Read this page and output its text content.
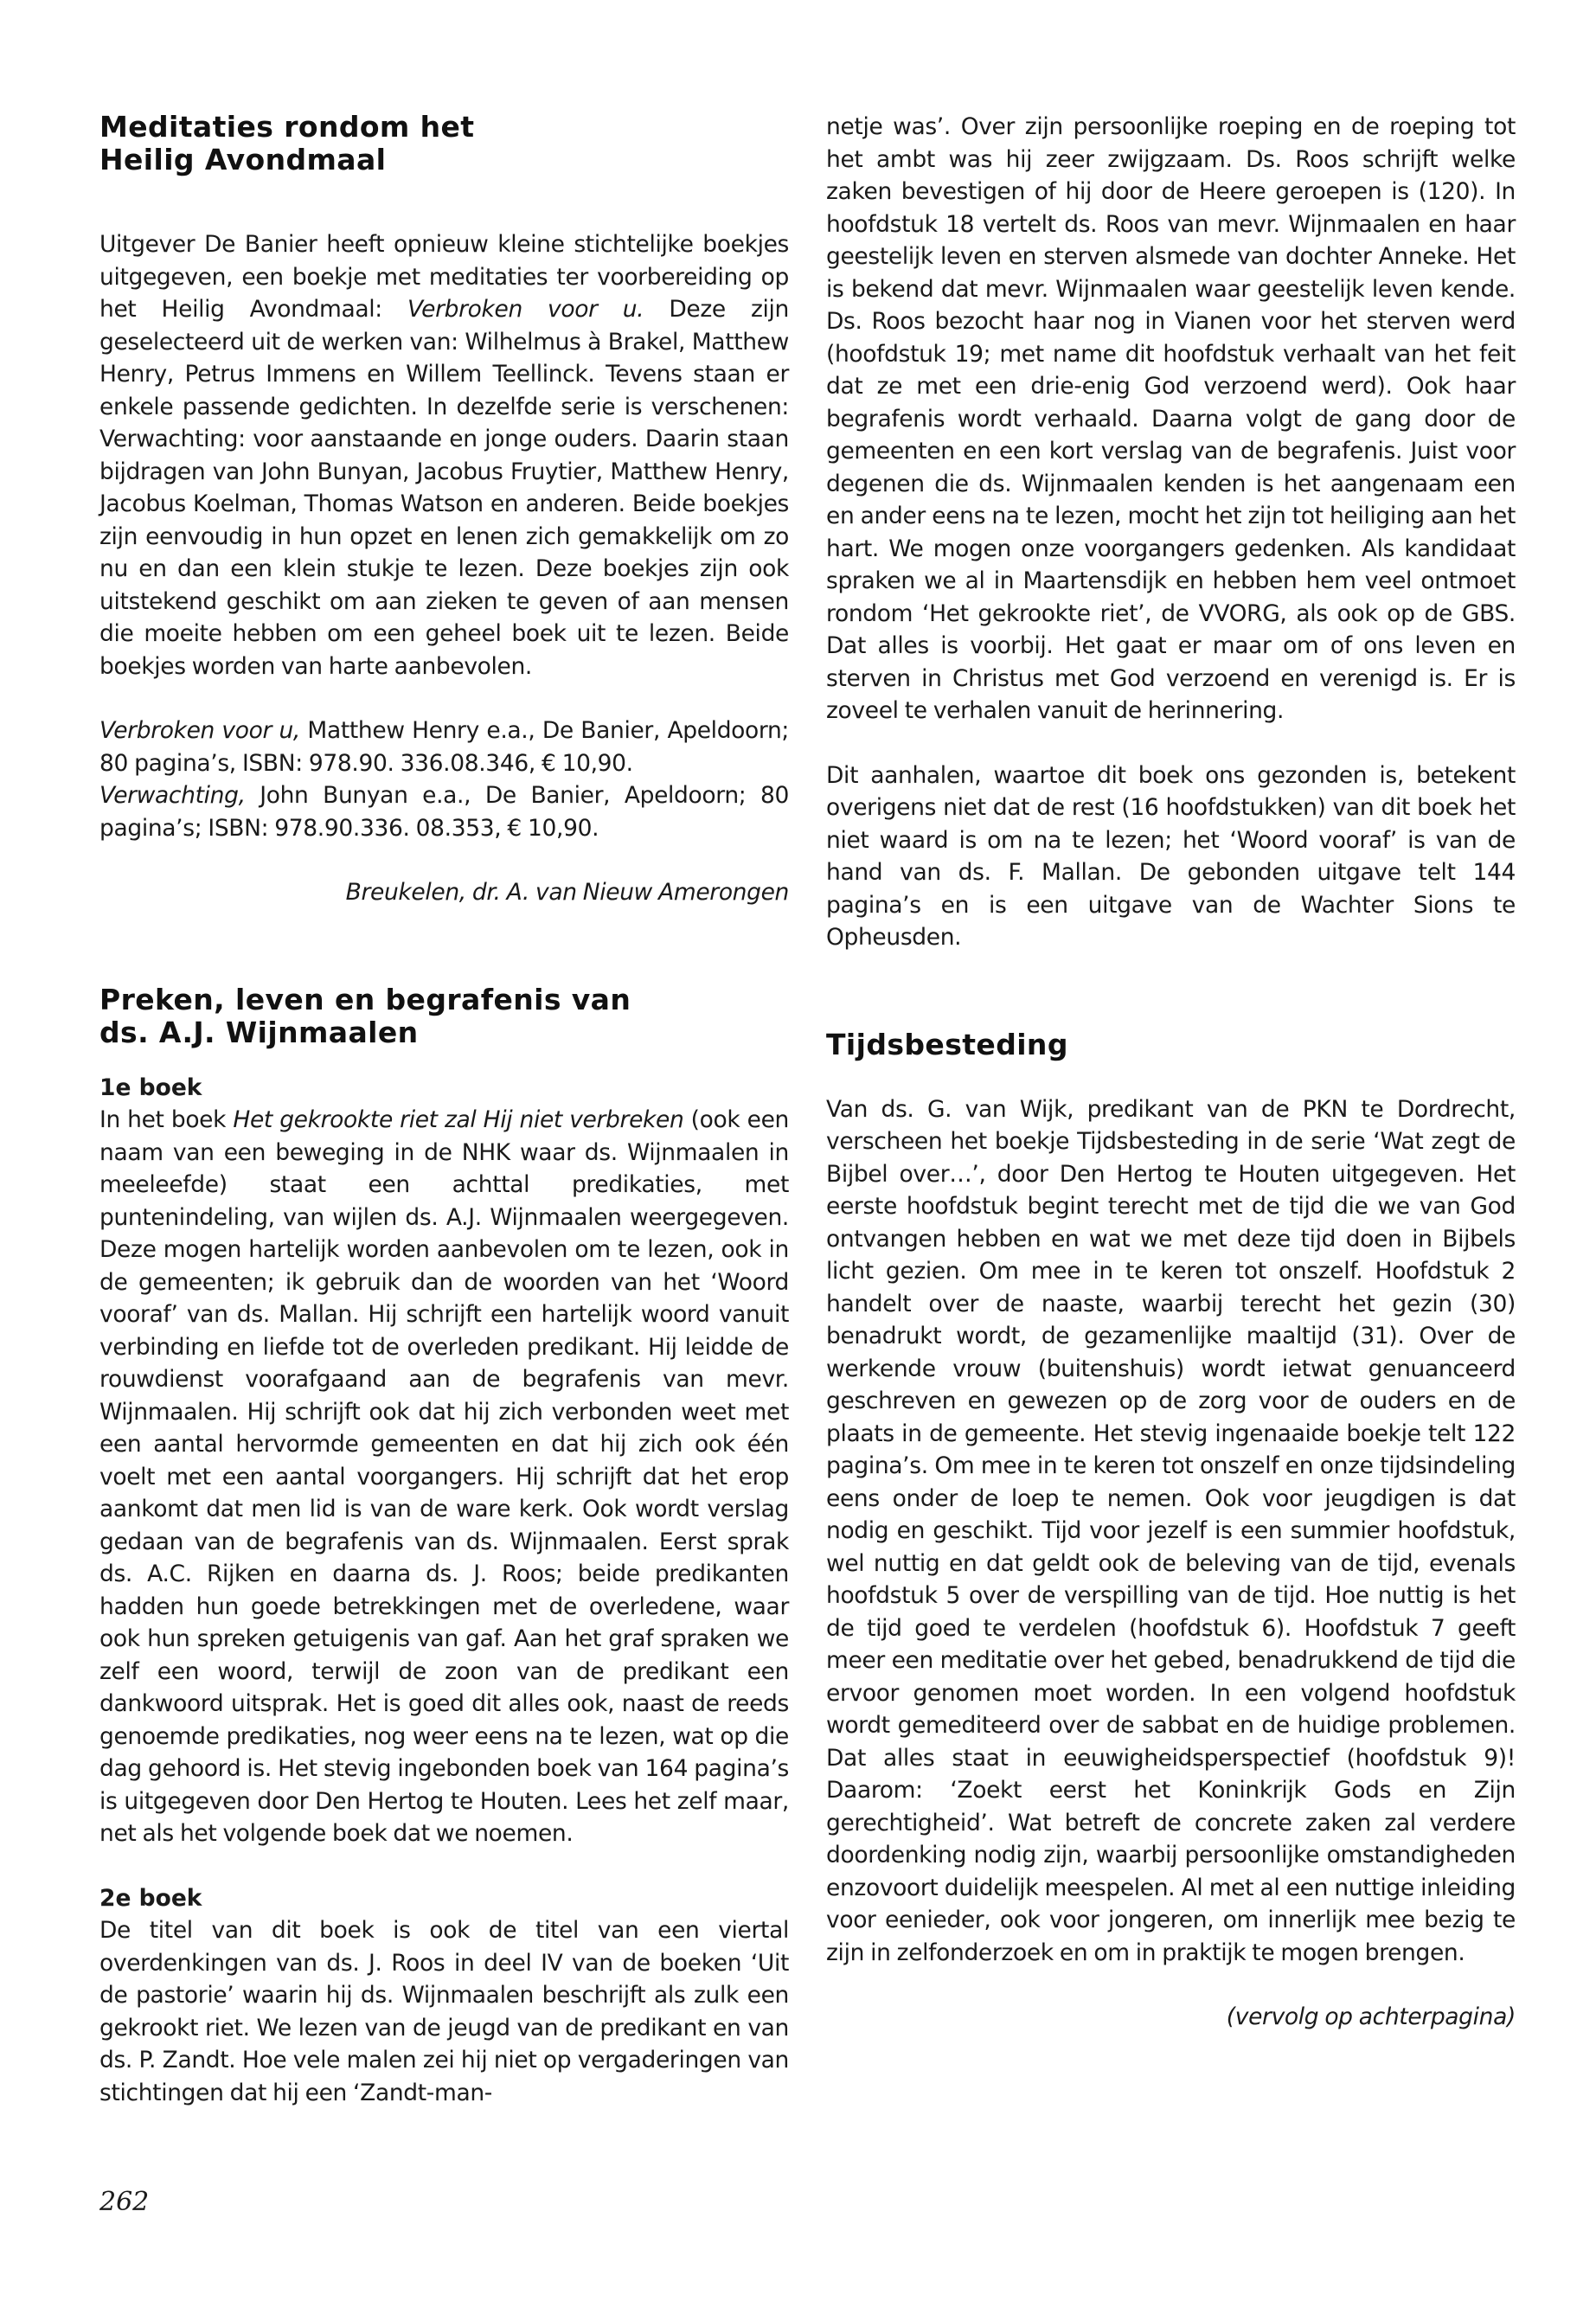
Meditaties rondom het
Heilig Avondmaal

Uitgever De Banier heeft opnieuw kleine stichtelijke boekjes uitgegeven, een boekje met meditaties ter voorbereiding op het Heilig Avondmaal: Verbroken voor u. Deze zijn geselecteerd uit de werken van: Wilhelmus à Brakel, Matthew Henry, Petrus Immens en Willem Teellinck. Tevens staan er enkele passende gedichten. In dezelfde serie is verschenen: Verwachting: voor aanstaande en jonge ouders. Daarin staan bijdragen van John Bunyan, Jacobus Fruytier, Matthew Henry, Jacobus Koelman, Thomas Watson en anderen. Beide boekjes zijn eenvoudig in hun opzet en lenen zich gemakkelijk om zo nu en dan een klein stukje te lezen. Deze boekjes zijn ook uitstekend geschikt om aan zieken te geven of aan mensen die moeite hebben om een geheel boek uit te lezen. Beide boekjes worden van harte aanbevolen.

Verbroken voor u, Matthew Henry e.a., De Banier, Apeldoorn; 80 pagina’s, ISBN: 978.90. 336.08.346, € 10,90.
Verwachting, John Bunyan e.a., De Banier, Apeldoorn; 80 pagina’s; ISBN: 978.90.336. 08.353, € 10,90.

Breukelen, dr. A. van Nieuw Amerongen

Preken, leven en begrafenis van
ds. A.J. Wijnmaalen
1e boek

In het boek Het gekrookte riet zal Hij niet verbreken (ook een naam van een beweging in de NHK waar ds. Wijnmaalen in meeleefde) staat een achttal predikaties, met puntenindeling, van wijlen ds. A.J. Wijnmaalen weergegeven. Deze mogen hartelijk worden aanbevolen om te lezen, ook in de gemeenten; ik gebruik dan de woorden van het ‘Woord vooraf’ van ds. Mallan. Hij schrijft een hartelijk woord vanuit verbinding en liefde tot de overleden predikant. Hij leidde de rouwdienst voorafgaand aan de begrafenis van mevr. Wijnmaalen. Hij schrijft ook dat hij zich verbonden weet met een aantal hervormde gemeenten en dat hij zich ook één voelt met een aantal voorgangers. Hij schrijft dat het erop aankomt dat men lid is van de ware kerk. Ook wordt verslag gedaan van de begrafenis van ds. Wijnmaalen. Eerst sprak ds. A.C. Rijken en daarna ds. J. Roos; beide predikanten hadden hun goede betrekkingen met de overledene, waar ook hun spreken getuigenis van gaf. Aan het graf spraken we zelf een woord, terwijl de zoon van de predikant een dankwoord uitsprak. Het is goed dit alles ook, naast de reeds genoemde predikaties, nog weer eens na te lezen, wat op die dag gehoord is. Het stevig ingebonden boek van 164 pagina’s is uitgegeven door Den Hertog te Houten. Lees het zelf maar, net als het volgende boek dat we noemen.

2e boek

De titel van dit boek is ook de titel van een viertal overdenkingen van ds. J. Roos in deel IV van de boeken ‘Uit de pastorie’ waarin hij ds. Wijnmaalen beschrijft als zulk een gekrookt riet. We lezen van de jeugd van de predikant en van ds. P. Zandt. Hoe vele malen zei hij niet op vergaderingen van stichtingen dat hij een ‘Zandt-man-

netje was’. Over zijn persoonlijke roeping en de roeping tot het ambt was hij zeer zwijgzaam. Ds. Roos schrijft welke zaken bevestigen of hij door de Heere geroepen is (120). In hoofdstuk 18 vertelt ds. Roos van mevr. Wijnmaalen en haar geestelijk leven en sterven alsmede van dochter Anneke. Het is bekend dat mevr. Wijnmaalen waar geestelijk leven kende. Ds. Roos bezocht haar nog in Vianen voor het sterven werd (hoofdstuk 19; met name dit hoofdstuk verhaalt van het feit dat ze met een drie-enig God verzoend werd). Ook haar begrafenis wordt verhaald. Daarna volgt de gang door de gemeenten en een kort verslag van de begrafenis. Juist voor degenen die ds. Wijnmaalen kenden is het aangenaam een en ander eens na te lezen, mocht het zijn tot heiliging aan het hart. We mogen onze voorgangers gedenken. Als kandidaat spraken we al in Maartensdijk en hebben hem veel ontmoet rondom ‘Het gekrookte riet’, de VVORG, als ook op de GBS. Dat alles is voorbij. Het gaat er maar om of ons leven en sterven in Christus met God verzoend en verenigd is. Er is zoveel te verhalen vanuit de herinnering.

Dit aanhalen, waartoe dit boek ons gezonden is, betekent overigens niet dat de rest (16 hoofdstukken) van dit boek het niet waard is om na te lezen; het ‘Woord vooraf’ is van de hand van ds. F. Mallan. De gebonden uitgave telt 144 pagina’s en is een uitgave van de Wachter Sions te Opheusden.

Tijdsbesteding

Van ds. G. van Wijk, predikant van de PKN te Dordrecht, verscheen het boekje Tijdsbesteding in de serie ‘Wat zegt de Bijbel over…’, door Den Hertog te Houten uitgegeven. Het eerste hoofdstuk begint terecht met de tijd die we van God ontvangen hebben en wat we met deze tijd doen in Bijbels licht gezien. Om mee in te keren tot onszelf. Hoofdstuk 2 handelt over de naaste, waarbij terecht het gezin (30) benadrukt wordt, de gezamenlijke maaltijd (31). Over de werkende vrouw (buitenshuis) wordt ietwat genuanceerd geschreven en gewezen op de zorg voor de ouders en de plaats in de gemeente. Het stevig ingenaaide boekje telt 122 pagina’s. Om mee in te keren tot onszelf en onze tijdsindeling eens onder de loep te nemen. Ook voor jeugdigen is dat nodig en geschikt. Tijd voor jezelf is een summier hoofdstuk, wel nuttig en dat geldt ook de beleving van de tijd, evenals hoofdstuk 5 over de verspilling van de tijd. Hoe nuttig is het de tijd goed te verdelen (hoofdstuk 6). Hoofdstuk 7 geeft meer een meditatie over het gebed, benadrukkend de tijd die ervoor genomen moet worden. In een volgend hoofdstuk wordt gemediteerd over de sabbat en de huidige problemen. Dat alles staat in eeuwigheidsperspectief (hoofdstuk 9)! Daarom: ‘Zoekt eerst het Koninkrijk Gods en Zijn gerechtigheid’. Wat betreft de concrete zaken zal verdere doordenking nodig zijn, waarbij persoonlijke omstandigheden enzovoort duidelijk meespelen. Al met al een nuttige inleiding voor eenieder, ook voor jongeren, om innerlijk mee bezig te zijn in zelfonderzoek en om in praktijk te mogen brengen.

(vervolg op achterpagina)

262
